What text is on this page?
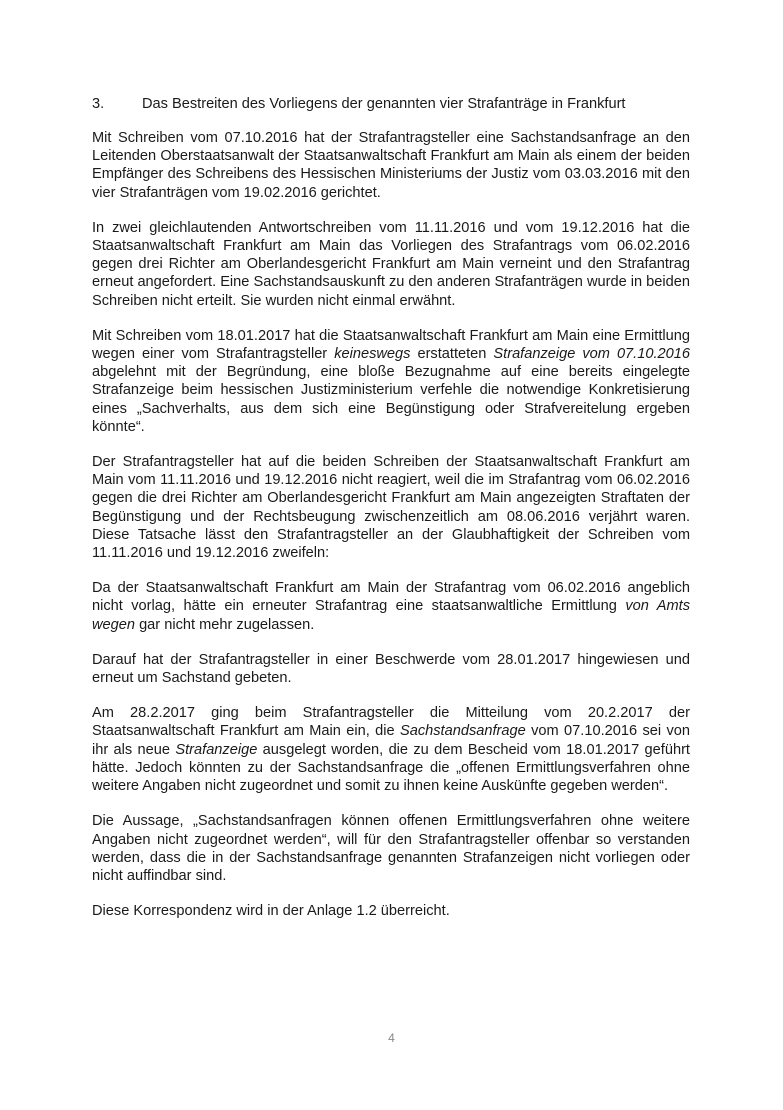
3.	Das Bestreiten des Vorliegens der genannten vier Strafanträge in Frankfurt

Mit Schreiben vom 07.10.2016 hat der Strafantragsteller eine Sachstandsanfrage an den Leitenden Oberstaatsanwalt der Staatsanwaltschaft Frankfurt am Main als einem der beiden Empfänger des Schreibens des Hessischen Ministeriums der Justiz vom 03.03.2016 mit den vier Strafanträgen vom 19.02.2016 gerichtet.

In zwei gleichlautenden Antwortschreiben vom 11.11.2016 und vom 19.12.2016 hat die Staatsanwaltschaft Frankfurt am Main das Vorliegen des Strafantrags vom 06.02.2016 gegen drei Richter am Oberlandesgericht Frankfurt am Main verneint und den Strafantrag erneut angefordert. Eine Sachstandsauskunft zu den anderen Strafanträgen wurde in beiden Schreiben nicht erteilt. Sie wurden nicht einmal erwähnt.

Mit Schreiben vom 18.01.2017 hat die Staatsanwaltschaft Frankfurt am Main eine Ermittlung wegen einer vom Strafantragsteller keineswegs erstatteten Strafanzeige vom 07.10.2016 abgelehnt mit der Begründung, eine bloße Bezugnahme auf eine bereits eingelegte Strafanzeige beim hessischen Justizministerium verfehle die notwendige Konkretisierung eines „Sachverhalts, aus dem sich eine Begünstigung oder Strafvereitelung ergeben könnte“.

Der Strafantragsteller hat auf die beiden Schreiben der Staatsanwaltschaft Frankfurt am Main vom 11.11.2016 und 19.12.2016 nicht reagiert, weil die im Strafantrag vom 06.02.2016 gegen die drei Richter am Oberlandesgericht Frankfurt am Main angezeigten Straftaten der Begünstigung und der Rechtsbeugung zwischenzeitlich am 08.06.2016 verjährt waren. Diese Tatsache lässt den Strafantragsteller an der Glaubhaftigkeit der Schreiben vom 11.11.2016 und 19.12.2016 zweifeln:

Da der Staatsanwaltschaft Frankfurt am Main der Strafantrag vom 06.02.2016 angeblich nicht vorlag, hätte ein erneuter Strafantrag eine staatsanwaltliche Ermittlung von Amts wegen gar nicht mehr zugelassen.

Darauf hat der Strafantragsteller in einer Beschwerde vom 28.01.2017 hingewiesen und erneut um Sachstand gebeten.

Am 28.2.2017 ging beim Strafantragsteller die Mitteilung vom 20.2.2017 der Staatsanwaltschaft Frankfurt am Main ein, die Sachstandsanfrage vom 07.10.2016 sei von ihr als neue Strafanzeige ausgelegt worden, die zu dem Bescheid vom 18.01.2017 geführt hätte. Jedoch könnten zu der Sachstandsanfrage die „offenen Ermittlungsverfahren ohne weitere Angaben nicht zugeordnet und somit zu ihnen keine Auskünfte gegeben werden“.

Die Aussage, „Sachstandsanfragen können offenen Ermittlungsverfahren ohne weitere Angaben nicht zugeordnet werden“, will für den Strafantragsteller offenbar so verstanden werden, dass die in der Sachstandsanfrage genannten Strafanzeigen nicht vorliegen oder nicht auffindbar sind.

Diese Korrespondenz wird in der Anlage 1.2 überreicht.

4
